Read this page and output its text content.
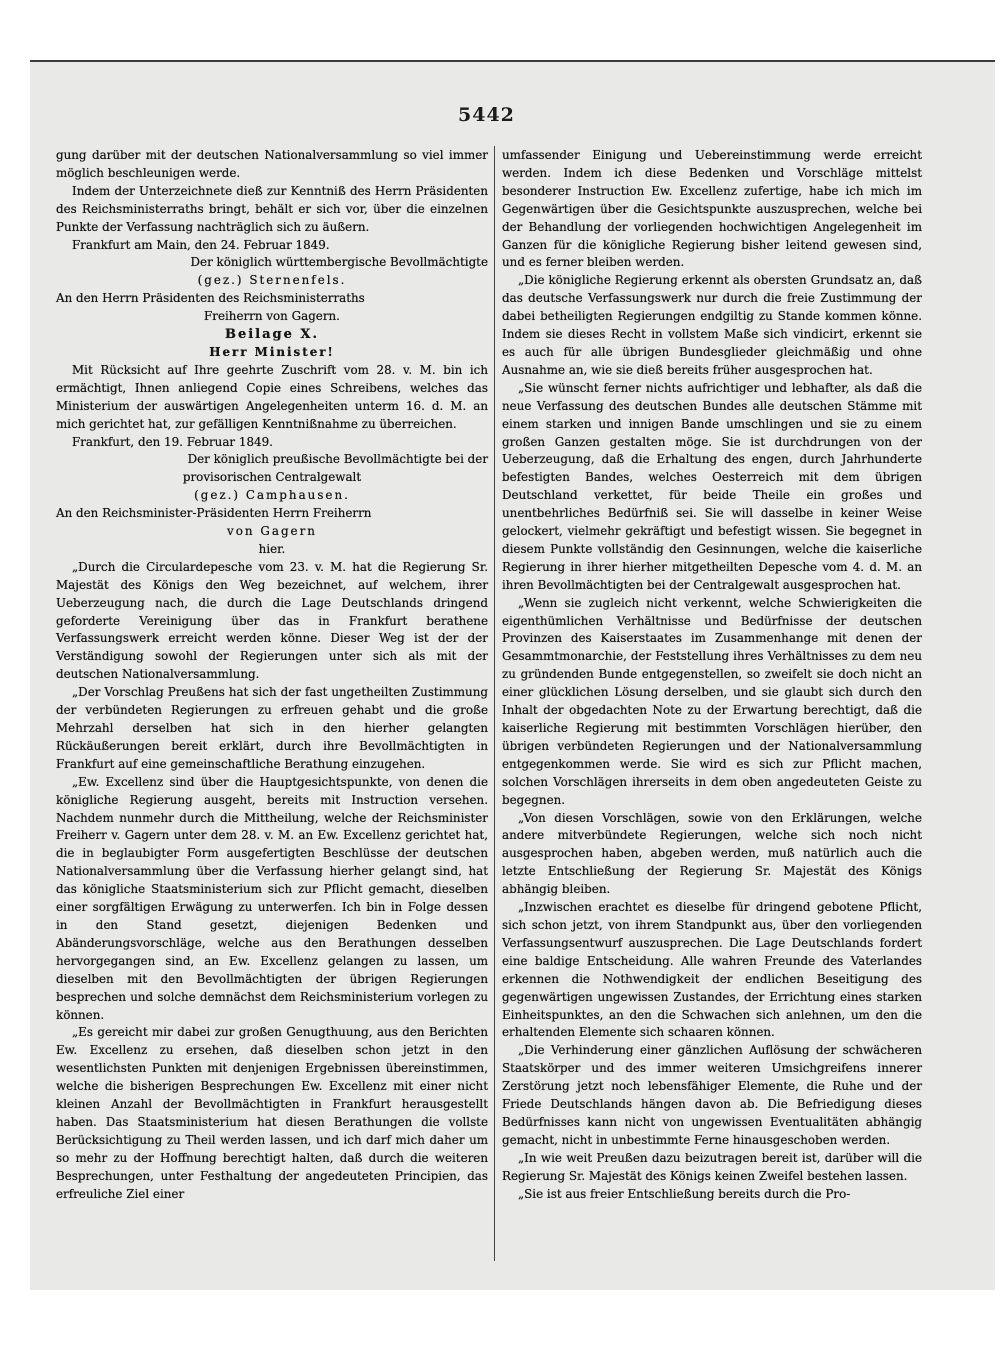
5442

gung darüber mit der deutschen Nationalversammlung so viel immer möglich beschleunigen werde.

Indem der Unterzeichnete dieß zur Kenntniß des Herrn Präsidenten des Reichsministerraths bringt, behält er sich vor, über die einzelnen Punkte der Verfassung nachträglich sich zu äußern.

Frankfurt am Main, den 24. Februar 1849.

Der königlich württembergische Bevollmächtigte

(gez.) Sternenfels.

An den Herrn Präsidenten des Reichsministerraths

Freiherrn von Gagern.

Beilage X.

Herr Minister!

Mit Rücksicht auf Ihre geehrte Zuschrift vom 28. v. M. bin ich ermächtigt, Ihnen anliegend Copie eines Schreibens, welches das Ministerium der auswärtigen Angelegenheiten unterm 16. d. M. an mich gerichtet hat, zur gefälligen Kenntnißnahme zu überreichen.

Frankfurt, den 19. Februar 1849.

Der königlich preußische Bevollmächtigte bei der

provisorischen Centralgewalt

(gez.) Camphausen.

An den Reichsminister-Präsidenten Herrn Freiherrn

von Gagern

hier.

„Durch die Circulardepesche vom 23. v. M. hat die Regierung Sr. Majestät des Königs den Weg bezeichnet, auf welchem, ihrer Ueberzeugung nach, die durch die Lage Deutschlands dringend geforderte Vereinigung über das in Frankfurt berathene Verfassungswerk erreicht werden könne. Dieser Weg ist der der Verständigung sowohl der Regierungen unter sich als mit der deutschen Nationalversammlung.

„Der Vorschlag Preußens hat sich der fast ungetheilten Zustimmung der verbündeten Regierungen zu erfreuen gehabt und die große Mehrzahl derselben hat sich in den hierher gelangten Rückäußerungen bereit erklärt, durch ihre Bevollmächtigten in Frankfurt auf eine gemeinschaftliche Berathung einzugehen.

„Ew. Excellenz sind über die Hauptgesichtspunkte, von denen die königliche Regierung ausgeht, bereits mit Instruction versehen. Nachdem nunmehr durch die Mittheilung, welche der Reichsminister Freiherr v. Gagern unter dem 28. v. M. an Ew. Excellenz gerichtet hat, die in beglaubigter Form ausgefertigten Beschlüsse der deutschen Nationalversammlung über die Verfassung hierher gelangt sind, hat das königliche Staatsministerium sich zur Pflicht gemacht, dieselben einer sorgfältigen Erwägung zu unterwerfen. Ich bin in Folge dessen in den Stand gesetzt, diejenigen Bedenken und Abänderungsvorschläge, welche aus den Berathungen desselben hervorgegangen sind, an Ew. Excellenz gelangen zu lassen, um dieselben mit den Bevollmächtigten der übrigen Regierungen besprechen und solche demnächst dem Reichsministerium vorlegen zu können.

„Es gereicht mir dabei zur großen Genugthuung, aus den Berichten Ew. Excellenz zu ersehen, daß dieselben schon jetzt in den wesentlichsten Punkten mit denjenigen Ergebnissen übereinstimmen, welche die bisherigen Besprechungen Ew. Excellenz mit einer nicht kleinen Anzahl der Bevollmächtigten in Frankfurt herausgestellt haben. Das Staatsministerium hat diesen Berathungen die vollste Berücksichtigung zu Theil werden lassen, und ich darf mich daher um so mehr zu der Hoffnung berechtigt halten, daß durch die weiteren Besprechungen, unter Festhaltung der angedeuteten Principien, das erfreuliche Ziel einer

umfassender Einigung und Uebereinstimmung werde erreicht werden. Indem ich diese Bedenken und Vorschläge mittelst besonderer Instruction Ew. Excellenz zufertige, habe ich mich im Gegenwärtigen über die Gesichtspunkte auszusprechen, welche bei der Behandlung der vorliegenden hochwichtigen Angelegenheit im Ganzen für die königliche Regierung bisher leitend gewesen sind, und es ferner bleiben werden.

„Die königliche Regierung erkennt als obersten Grundsatz an, daß das deutsche Verfassungswerk nur durch die freie Zustimmung der dabei betheiligten Regierungen endgiltig zu Stande kommen könne. Indem sie dieses Recht in vollstem Maße sich vindicirt, erkennt sie es auch für alle übrigen Bundesglieder gleichmäßig und ohne Ausnahme an, wie sie dieß bereits früher ausgesprochen hat.

„Sie wünscht ferner nichts aufrichtiger und lebhafter, als daß die neue Verfassung des deutschen Bundes alle deutschen Stämme mit einem starken und innigen Bande umschlingen und sie zu einem großen Ganzen gestalten möge. Sie ist durchdrungen von der Ueberzeugung, daß die Erhaltung des engen, durch Jahrhunderte befestigten Bandes, welches Oesterreich mit dem übrigen Deutschland verkettet, für beide Theile ein großes und unentbehrliches Bedürfniß sei. Sie will dasselbe in keiner Weise gelockert, vielmehr gekräftigt und befestigt wissen. Sie begegnet in diesem Punkte vollständig den Gesinnungen, welche die kaiserliche Regierung in ihrer hierher mitgetheilten Depesche vom 4. d. M. an ihren Bevollmächtigten bei der Centralgewalt ausgesprochen hat.

„Wenn sie zugleich nicht verkennt, welche Schwierigkeiten die eigenthümlichen Verhältnisse und Bedürfnisse der deutschen Provinzen des Kaiserstaates im Zusammenhange mit denen der Gesammtmonarchie, der Feststellung ihres Verhältnisses zu dem neu zu gründenden Bunde entgegenstellen, so zweifelt sie doch nicht an einer glücklichen Lösung derselben, und sie glaubt sich durch den Inhalt der obgedachten Note zu der Erwartung berechtigt, daß die kaiserliche Regierung mit bestimmten Vorschlägen hierüber, den übrigen verbündeten Regierungen und der Nationalversammlung entgegenkommen werde. Sie wird es sich zur Pflicht machen, solchen Vorschlägen ihrerseits in dem oben angedeuteten Geiste zu begegnen.

„Von diesen Vorschlägen, sowie von den Erklärungen, welche andere mitverbündete Regierungen, welche sich noch nicht ausgesprochen haben, abgeben werden, muß natürlich auch die letzte Entschließung der Regierung Sr. Majestät des Königs abhängig bleiben.

„Inzwischen erachtet es dieselbe für dringend gebotene Pflicht, sich schon jetzt, von ihrem Standpunkt aus, über den vorliegenden Verfassungsentwurf auszusprechen. Die Lage Deutschlands fordert eine baldige Entscheidung. Alle wahren Freunde des Vaterlandes erkennen die Nothwendigkeit der endlichen Beseitigung des gegenwärtigen ungewissen Zustandes, der Errichtung eines starken Einheitspunktes, an den die Schwachen sich anlehnen, um den die erhaltenden Elemente sich schaaren können.

„Die Verhinderung einer gänzlichen Auflösung der schwächeren Staatskörper und des immer weiteren Umsichgreifens innerer Zerstörung jetzt noch lebensfähiger Elemente, die Ruhe und der Friede Deutschlands hängen davon ab. Die Befriedigung dieses Bedürfnisses kann nicht von ungewissen Eventualitäten abhängig gemacht, nicht in unbestimmte Ferne hinausgeschoben werden.

„In wie weit Preußen dazu beizutragen bereit ist, darüber will die Regierung Sr. Majestät des Königs keinen Zweifel bestehen lassen.

„Sie ist aus freier Entschließung bereits durch die Pro-
